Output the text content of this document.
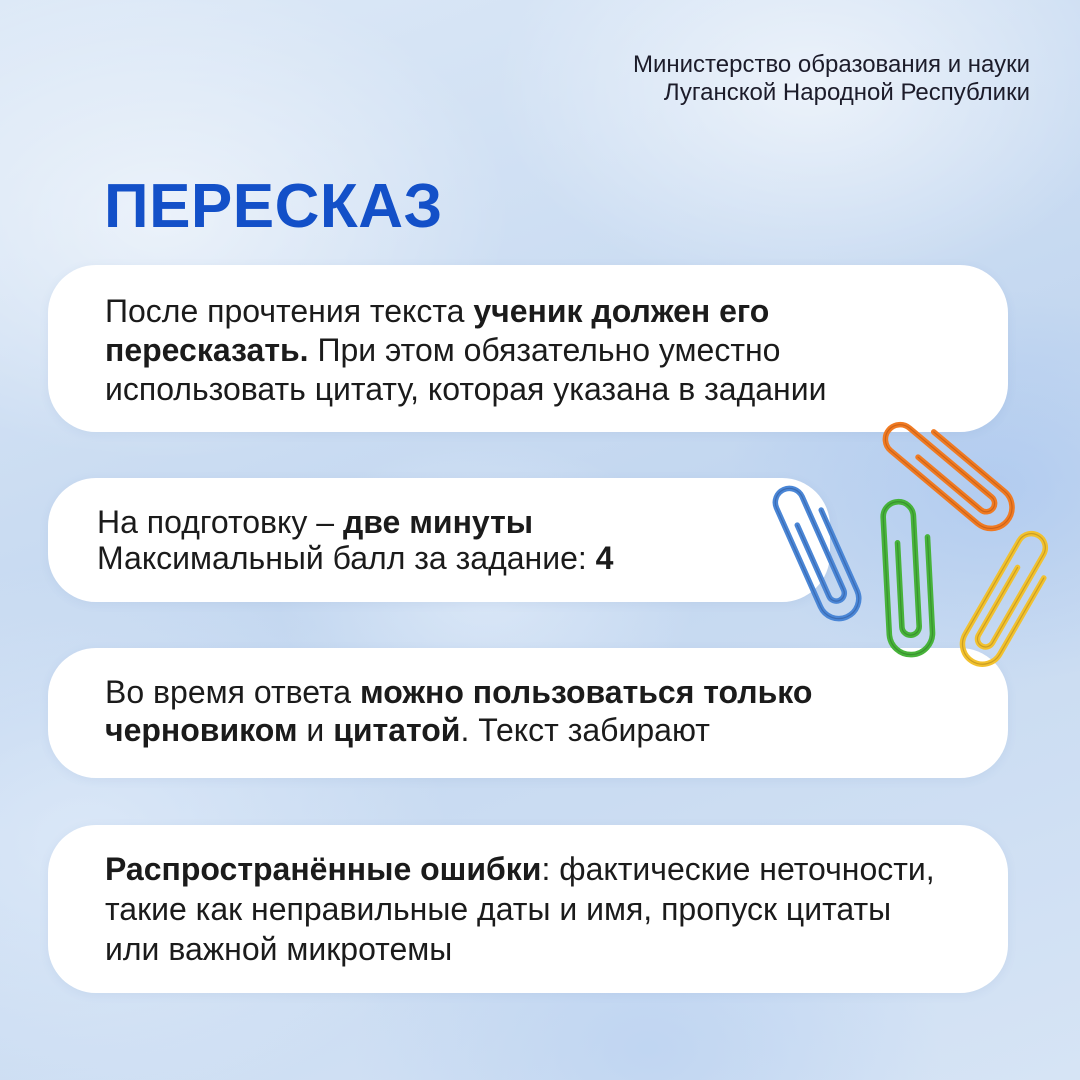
Министерство образования и науки
Луганской Народной Республики
ПЕРЕСКАЗ
После прочтения текста ученик должен его
пересказать. При этом обязательно уместно
использовать цитату, которая указана в задании
На подготовку – две минуты
Максимальный балл за задание: 4
Во время ответа можно пользоваться только
черновиком и цитатой. Текст забирают
Распространённые ошибки: фактические неточности,
такие как неправильные даты и имя, пропуск цитаты
или важной микротемы
